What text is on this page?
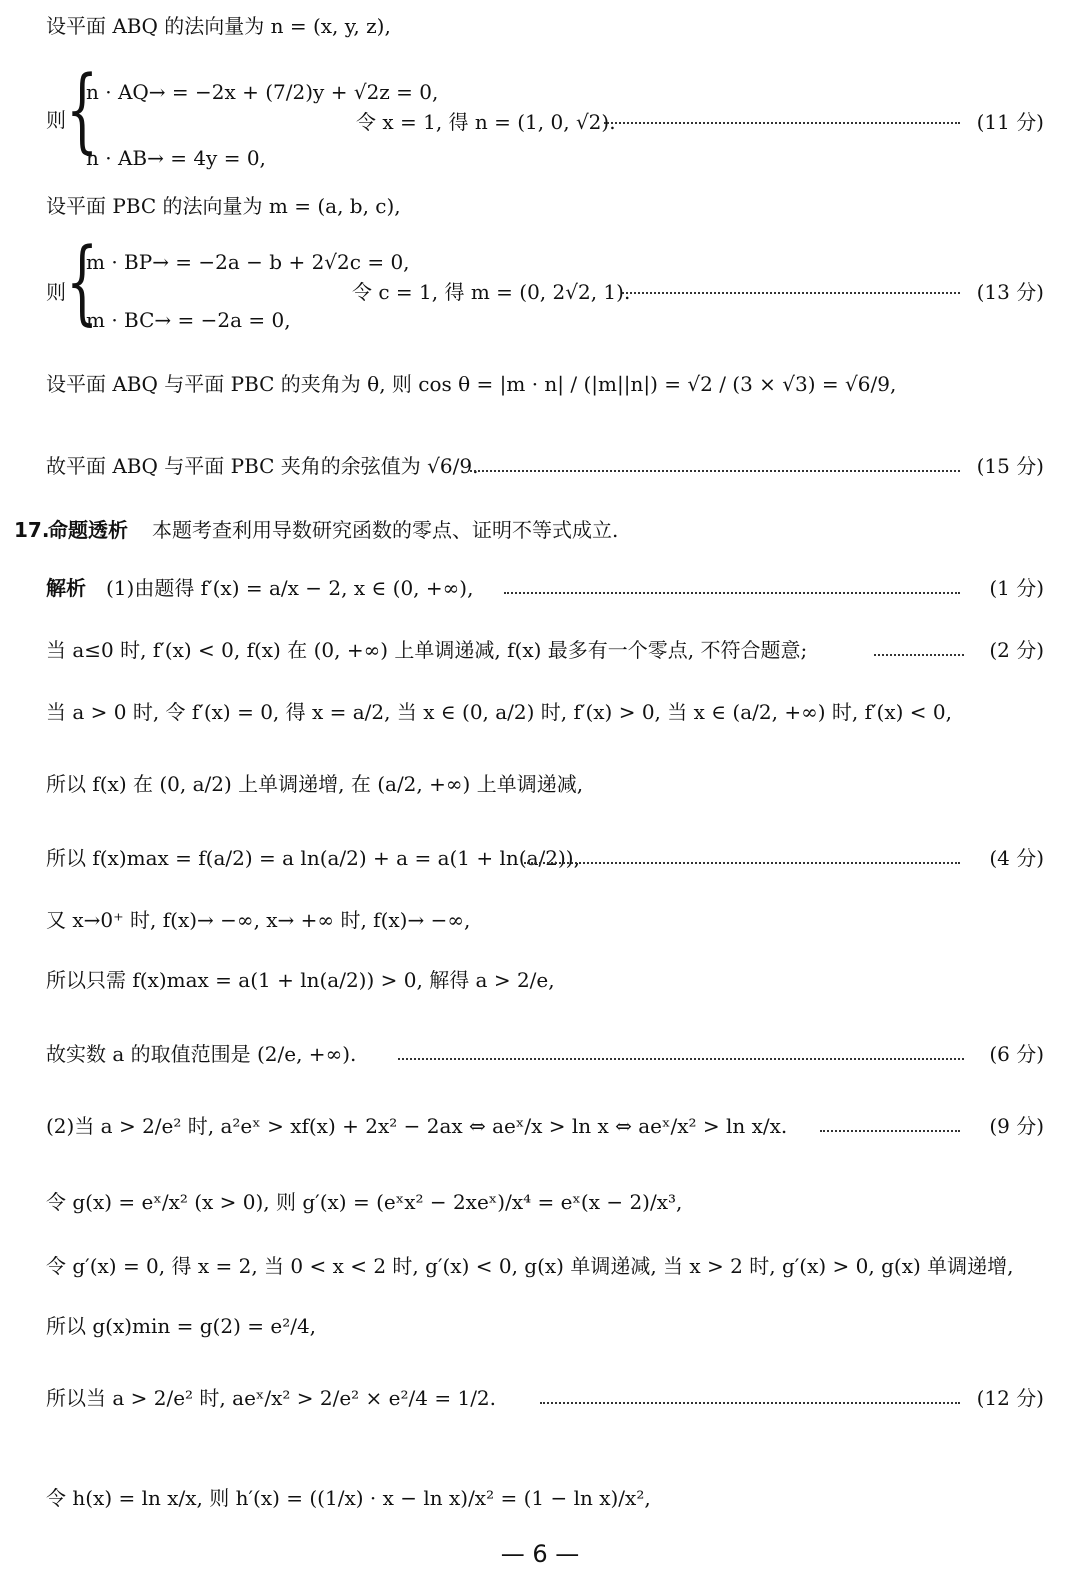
设平面 ABQ 的法向量为 n = (x, y, z),
则 {
n · AQ→ = −2x + (7/2)y + √2z = 0,
n · AB→ = 4y = 0,
令 x = 1, 得 n = (1, 0, √2).	(11 分)
设平面 PBC 的法向量为 m = (a, b, c),
则 {
m · BP→ = −2a − b + 2√2c = 0,
m · BC→ = −2a = 0,
令 c = 1, 得 m = (0, 2√2, 1).	(13 分)
设平面 ABQ 与平面 PBC 的夹角为 θ, 则 cos θ = |m · n| / (|m||n|) = √2 / (3 × √3) = √6/9,
故平面 ABQ 与平面 PBC 夹角的余弦值为 √6/9.	(15 分)
17.
命题透析 本题考查利用导数研究函数的零点、证明不等式成立.
解析 (1)由题得 f′(x) = a/x − 2, x ∈ (0, +∞),	(1 分)
当 a≤0 时, f′(x) < 0, f(x) 在 (0, +∞) 上单调递减, f(x) 最多有一个零点, 不符合题意;	(2 分)
当 a > 0 时, 令 f′(x) = 0, 得 x = a/2, 当 x ∈ (0, a/2) 时, f′(x) > 0, 当 x ∈ (a/2, +∞) 时, f′(x) < 0,
所以 f(x) 在 (0, a/2) 上单调递增, 在 (a/2, +∞) 上单调递减,
所以 f(x)max = f(a/2) = a ln(a/2) + a = a(1 + ln(a/2)),	(4 分)
又 x→0⁺ 时, f(x)→ −∞, x→ +∞ 时, f(x)→ −∞,
所以只需 f(x)max = a(1 + ln(a/2)) > 0, 解得 a > 2/e,
故实数 a 的取值范围是 (2/e, +∞).	(6 分)
(2)当 a > 2/e² 时, a²eˣ > xf(x) + 2x² − 2ax ⇔ aeˣ/x > ln x ⇔ aeˣ/x² > ln x/x.	(9 分)
令 g(x) = eˣ/x² (x > 0), 则 g′(x) = (eˣx² − 2xeˣ)/x⁴ = eˣ(x − 2)/x³,
令 g′(x) = 0, 得 x = 2, 当 0 < x < 2 时, g′(x) < 0, g(x) 单调递减, 当 x > 2 时, g′(x) > 0, g(x) 单调递增,
所以 g(x)min = g(2) = e²/4,
所以当 a > 2/e² 时, aeˣ/x² > 2/e² × e²/4 = 1/2.	(12 分)
令 h(x) = ln x/x, 则 h′(x) = ((1/x) · x − ln x)/x² = (1 − ln x)/x²,
— 6 —
